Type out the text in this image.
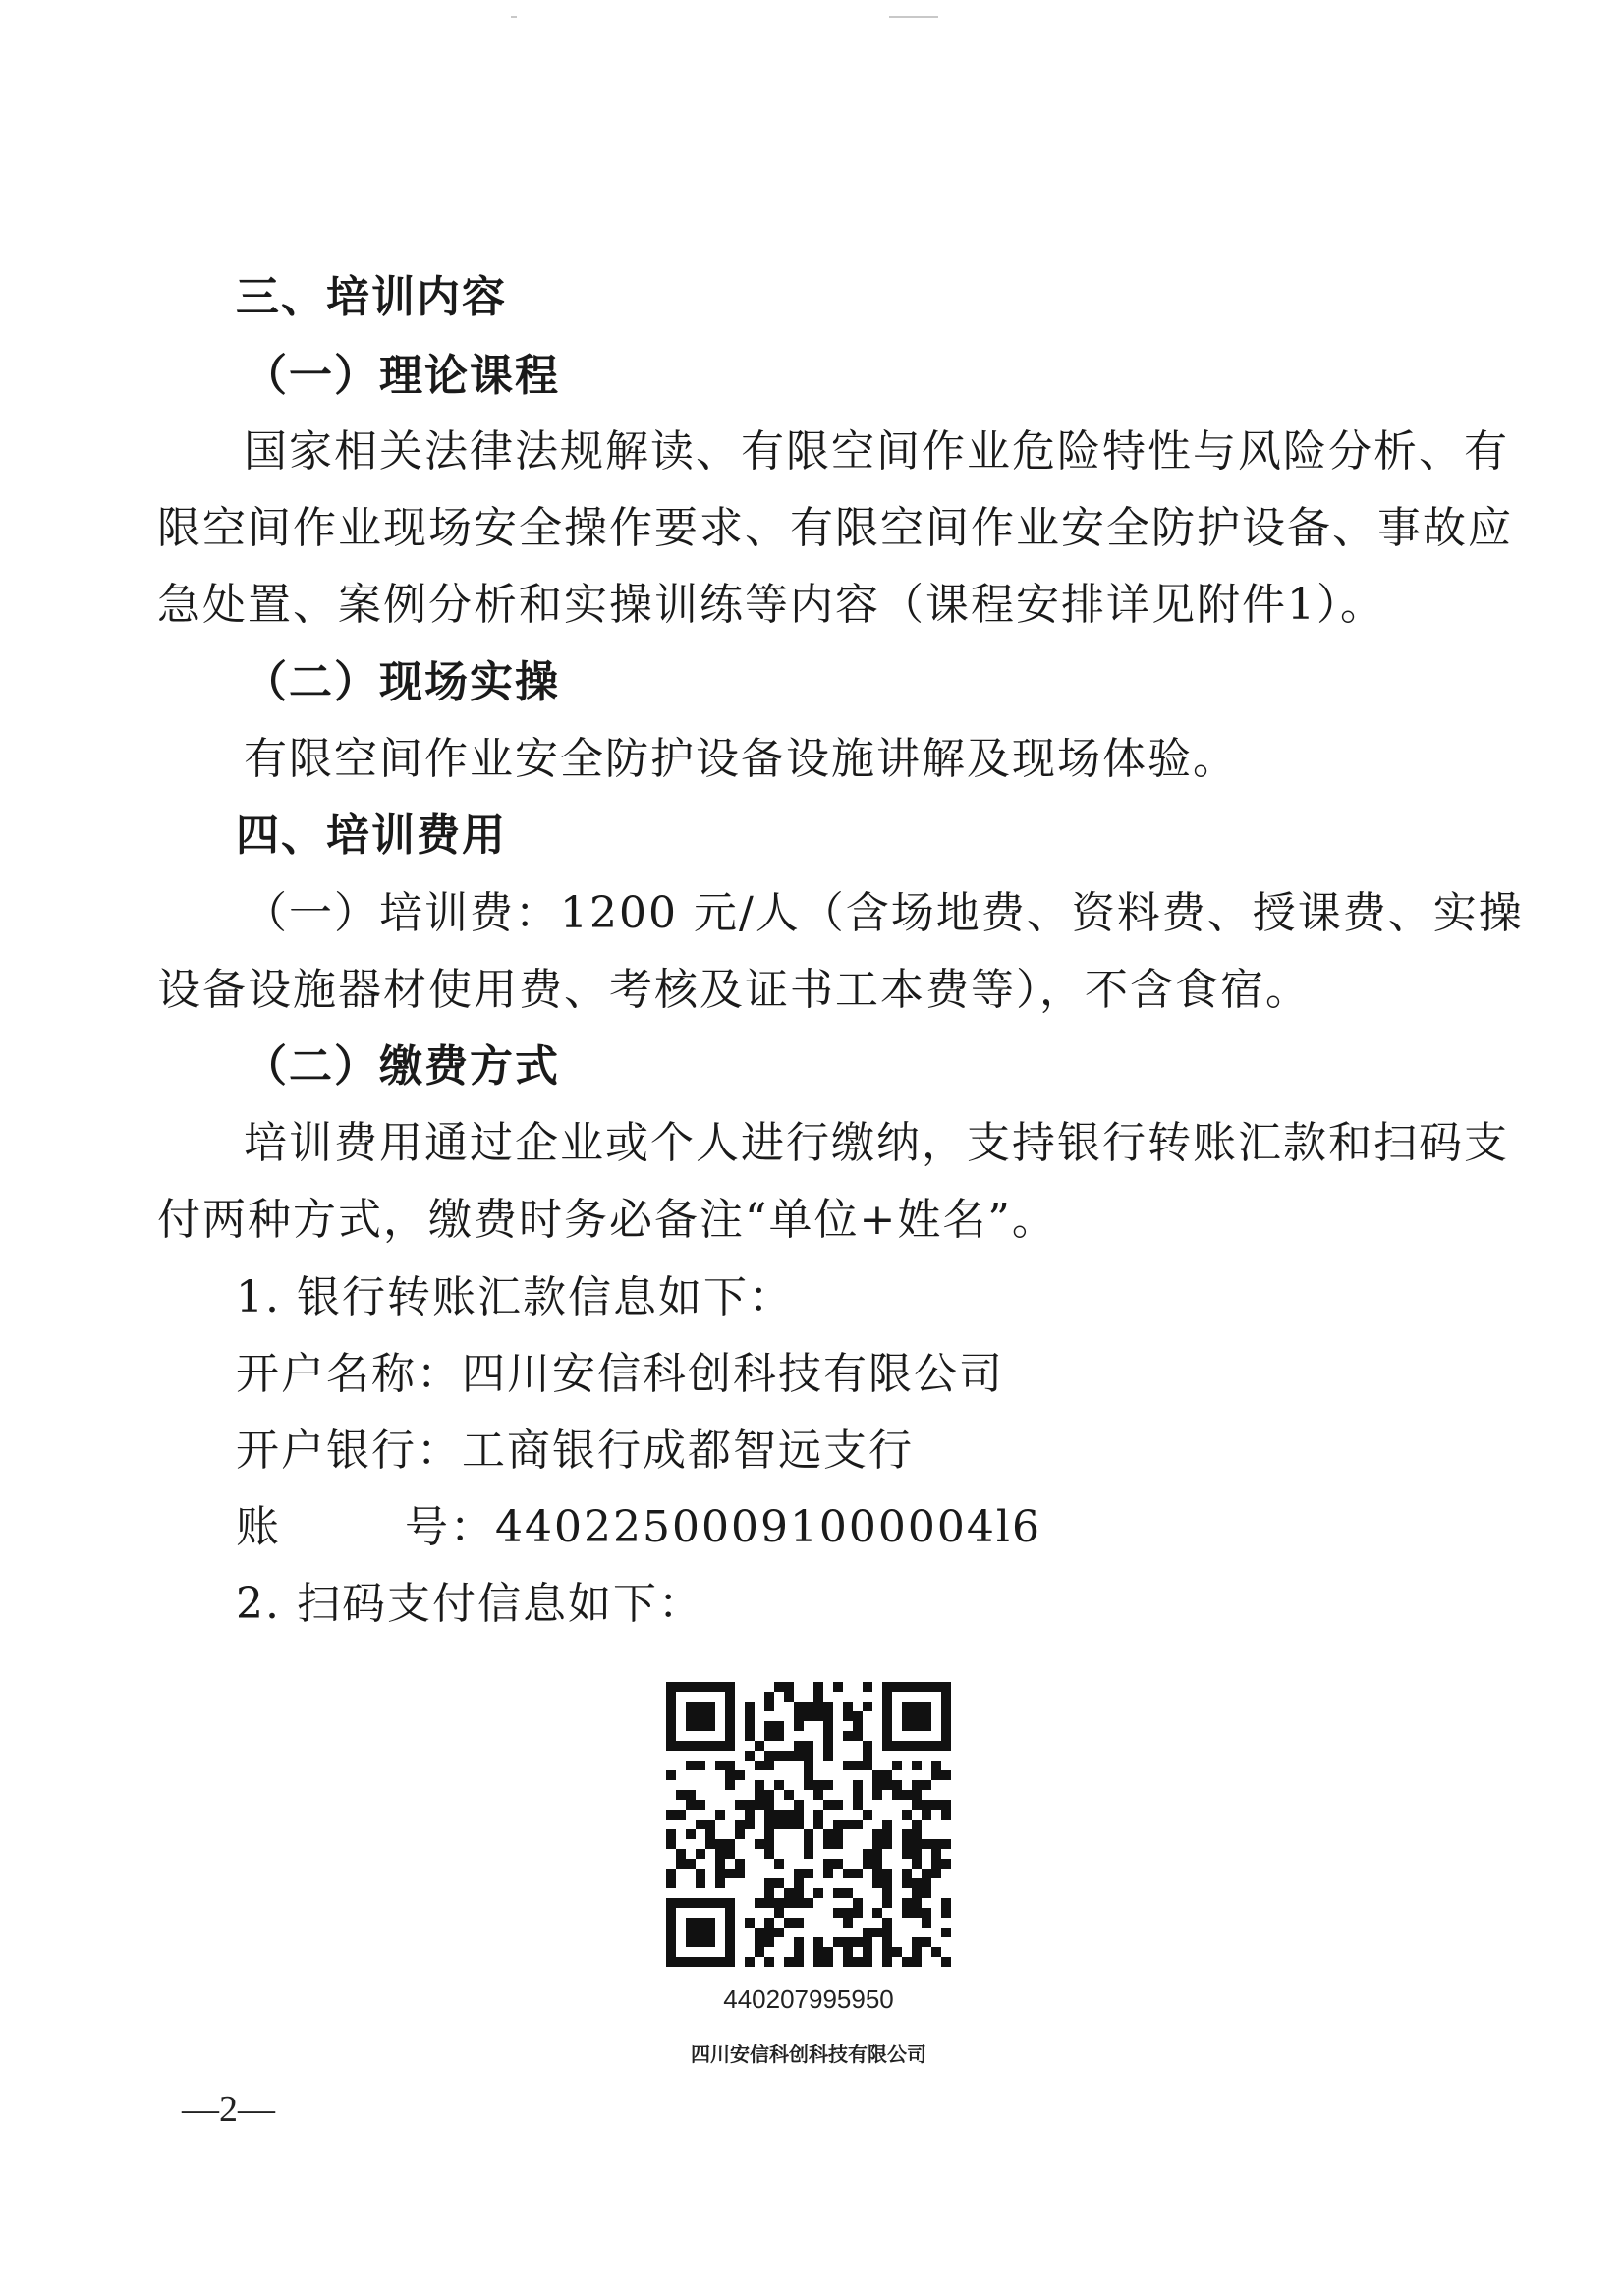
三、培训内容
（一）理论课程
国家相关法律法规解读、有限空间作业危险特性与风险分析、有
限空间作业现场安全操作要求、有限空间作业安全防护设备、事故应
急处置、案例分析和实操训练等内容（课程安排详见附件1）。
（二）现场实操
有限空间作业安全防护设备设施讲解及现场体验。
四、培训费用
（一）培训费：1200 元/人（含场地费、资料费、授课费、实操
设备设施器材使用费、考核及证书工本费等），不含食宿。
（二）缴费方式
培训费用通过企业或个人进行缴纳，支持银行转账汇款和扫码支
付两种方式，缴费时务必备注“单位+姓名”。
1. 银行转账汇款信息如下：
开户名称：四川安信科创科技有限公司
开户银行：工商银行成都智远支行
账号：44022500091000004l6
2. 扫码支付信息如下：
440207995950
四川安信科创科技有限公司
—2—
